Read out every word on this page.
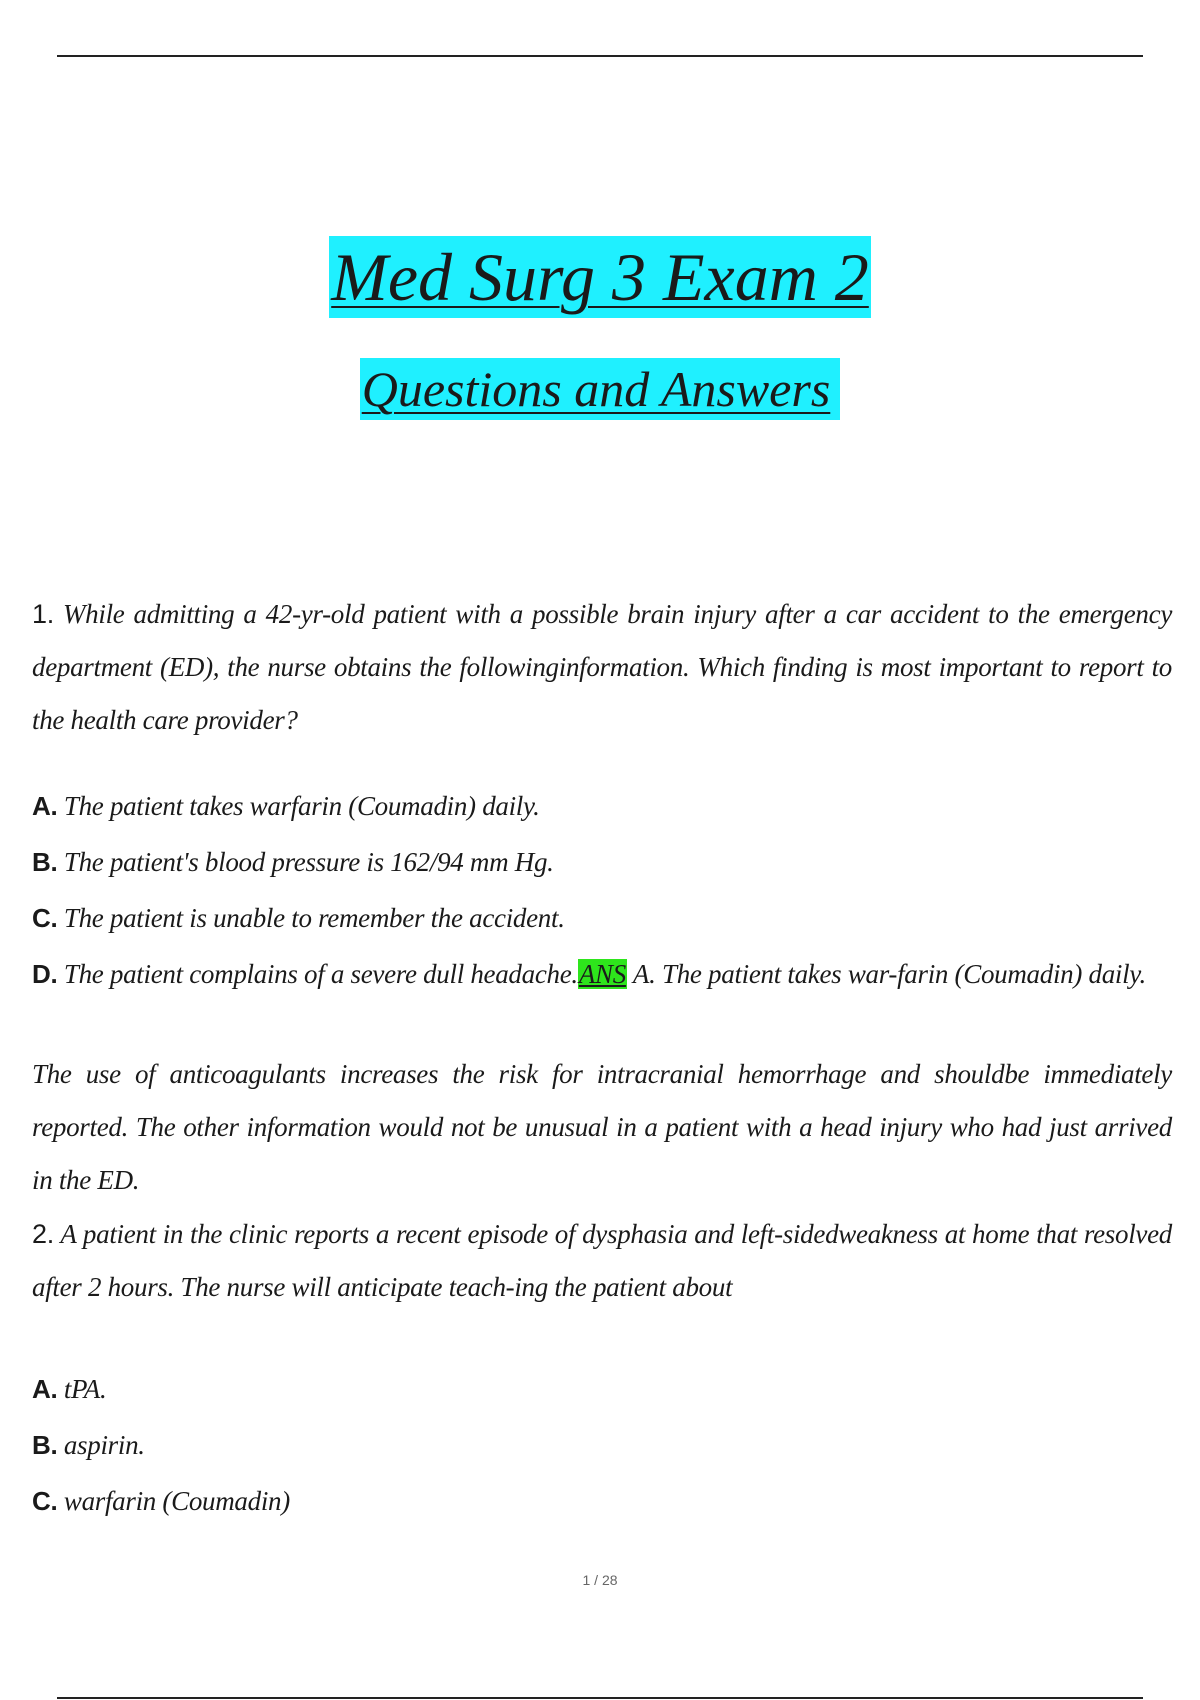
Med Surg 3 Exam 2
Questions and Answers
1. While admitting a 42-yr-old patient with a possible brain injury after a car accident to the emergency department (ED), the nurse obtains the followinginformation. Which finding is most important to report to the health care provider?
A. The patient takes warfarin (Coumadin) daily.
B. The patient's blood pressure is 162/94 mm Hg.
C. The patient is unable to remember the accident.
D. The patient complains of a severe dull headache.ANS A. The patient takes war-farin (Coumadin) daily.
The use of anticoagulants increases the risk for intracranial hemorrhage and shouldbe immediately reported. The other information would not be unusual in a patient with a head injury who had just arrived in the ED.
2. A patient in the clinic reports a recent episode of dysphasia and left-sidedweakness at home that resolved after 2 hours. The nurse will anticipate teach-ing the patient about
A. tPA.
B. aspirin.
C. warfarin (Coumadin)
1 / 28
